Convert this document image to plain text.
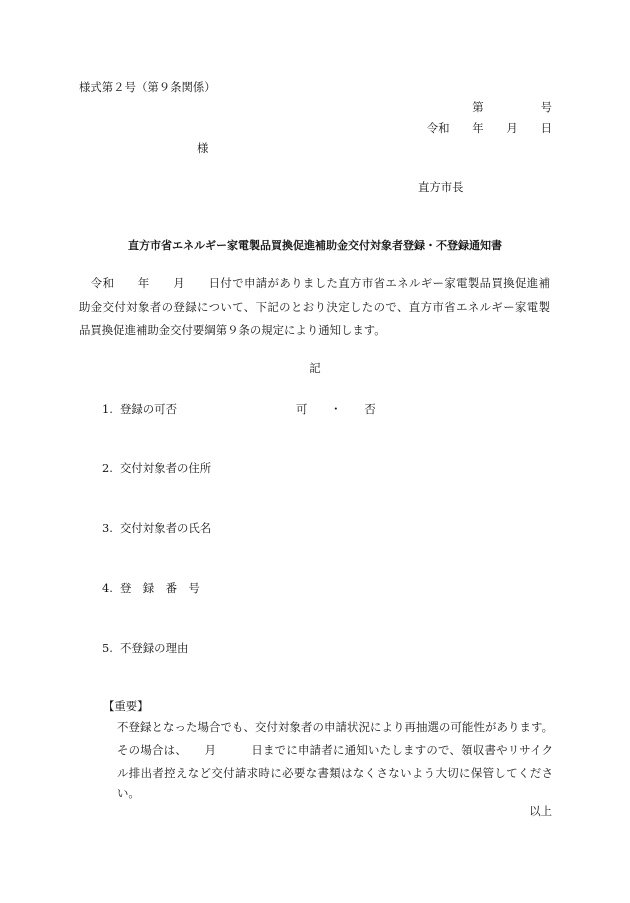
様式第２号（第９条関係）
第　　　　　号
令和　　年　　月　　日
様
直方市長
直方市省エネルギー家電製品買換促進補助金交付対象者登録・不登録通知書
　令和　　年　　月　　日付で申請がありました直方市省エネルギー家電製品買換促進補
助金交付対象者の登録について、下記のとおり決定したので、直方市省エネルギー家電製
品買換促進補助金交付要綱第９条の規定により通知します。
記
1. 登録の可否	可　　・　　否
2. 交付対象者の住所
3. 交付対象者の氏名
4. 登　録　番　号
5. 不登録の理由
【重要】
不登録となった場合でも、交付対象者の申請状況により再抽選の可能性があります。
その場合は、　　月　　　日までに申請者に通知いたしますので、領収書やリサイク
ル排出者控えなど交付請求時に必要な書類はなくさないよう大切に保管してくださ
い。
以上
